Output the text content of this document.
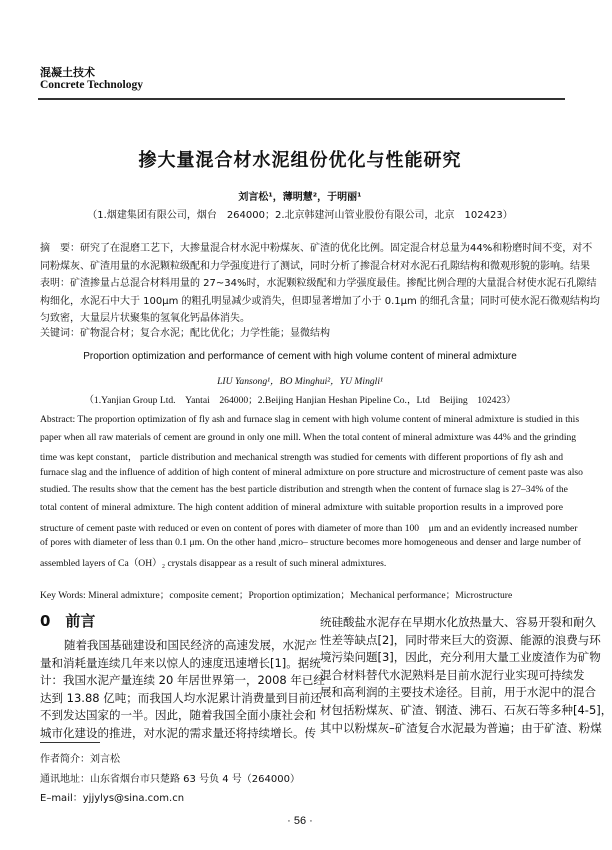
混凝土技术
Concrete Technology
掺大量混合材水泥组份优化与性能研究
刘言松¹，薄明慧²，于明丽¹
（1.烟建集团有限公司，烟台　264000；2.北京韩建河山管业股份有限公司，北京　102423）
摘　要：研究了在混磨工艺下，大掺量混合材水泥中粉煤灰、矿渣的优化比例。固定混合材总量为44%和粉磨时间不变，对不
同粉煤灰、矿渣用量的水泥颗粒级配和力学强度进行了测试，同时分析了掺混合材对水泥石孔隙结构和微观形貌的影响。结果
表明：矿渣掺量占总混合材料用量的 27~34%时，水泥颗粒级配和力学强度最佳。掺配比例合理的大量混合材使水泥石孔隙结
构细化，水泥石中大于 100μm 的粗孔明显减少或消失，但即显著增加了小于 0.1μm 的细孔含量；同时可使水泥石微观结构均
匀致密，大量层片状聚集的氢氧化钙晶体消失。
关键词：矿物混合材；复合水泥；配比优化；力学性能；显微结构
Proportion optimization and performance of cement with high volume content of mineral admixture
LIU Yansong¹，BO Minghui²，YU Mingli¹
（1.Yanjian Group Ltd.　Yantai　264000；2.Beijing Hanjian Heshan Pipeline Co.，Ltd　Beijing　102423）
Abstract: The proportion optimization of fly ash and furnace slag in cement with high volume content of mineral admixture is studied in this
paper when all raw materials of cement are ground in only one mill. When the total content of mineral admixture was 44% and the grinding
time was kept constant， particle distribution and mechanical strength was studied for cements with different proportions of fly ash and
furnace slag and the influence of addition of high content of mineral admixture on pore structure and microstructure of cement paste was also
studied. The results show that the cement has the best particle distribution and strength when the content of furnace slag is 27–34% of the
total content of mineral admixture. The high content addition of mineral admixture with suitable proportion results in a improved pore
structure of cement paste with reduced or even on content of pores with diameter of more than 100　μm and an evidently increased number
of pores with diameter of less than 0.1 μm. On the other hand ,micro– structure becomes more homogeneous and denser and large number of
assembled layers of Ca（OH）₂ crystals disappear as a result of such mineral admixtures.
Key Words: Mineral admixture；composite cement；Proportion optimization；Mechanical performance；Microstructure
0　前言
随着我国基础建设和国民经济的高速发展，水泥产
量和消耗量连续几年来以惊人的速度迅速增长[1]。据统
计：我国水泥产量连续 20 年居世界第一，2008 年已经
达到 13.88 亿吨；而我国人均水泥累计消费量到目前还
不到发达国家的一半。因此，随着我国全面小康社会和
城市化建设的推进，对水泥的需求量还将持续增长。传
统硅酸盐水泥存在早期水化放热量大、容易开裂和耐久
性差等缺点[2]，同时带来巨大的资源、能源的浪费与环
境污染问题[3]，因此，充分利用大量工业废渣作为矿物
混合材料替代水泥熟料是目前水泥行业实现可持续发
展和高利润的主要技术途径。目前，用于水泥中的混合
材包括粉煤灰、矿渣、钢渣、沸石、石灰石等多种[4-5]，
其中以粉煤灰–矿渣复合水泥最为普遍；由于矿渣、粉煤
作者简介：刘言松
通讯地址：山东省烟台市只楚路 63 号负 4 号（264000）
E–mail：yjjylys@sina.com.cn
· 56 ·
